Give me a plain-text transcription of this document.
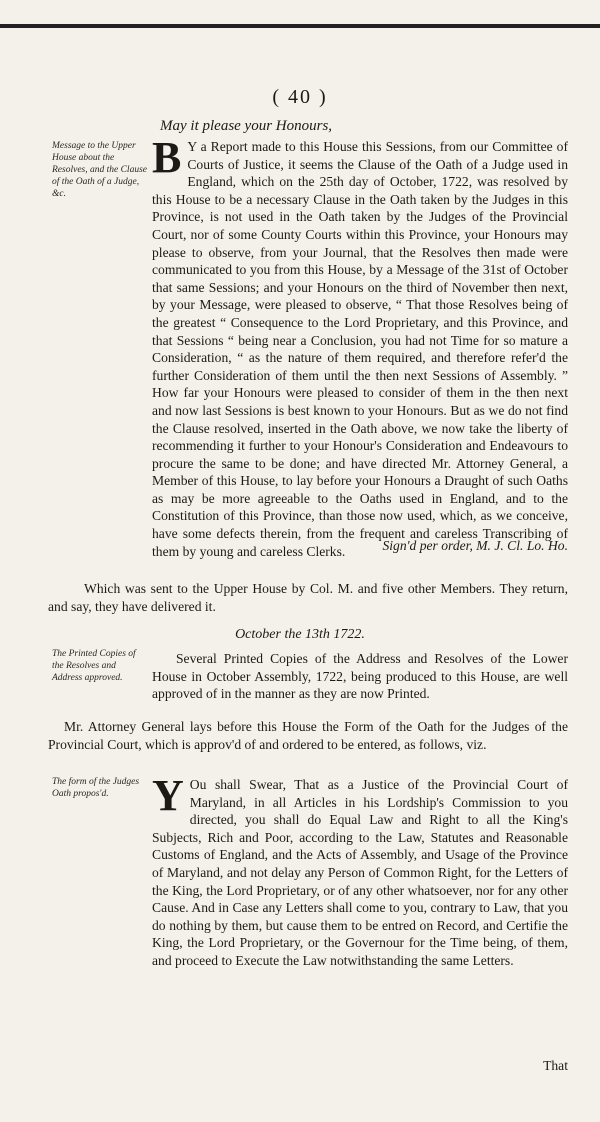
( 40 )
Message to the Upper House about the Resolves, and the Clause of the Oath of a Judge, &c.
May it please your Honours,
B Y a Report made to this House this Sessions, from our Committee of Courts of Justice, it seems the Clause of the Oath of a Judge used in England, which on the 25th day of October, 1722, was resolved by this House to be a necessary Clause in the Oath taken by the Judges in this Province, is not used in the Oath taken by the Judges of the Provincial Court, nor of some County Courts within this Province, your Honours may please to observe, from your Journal, that the Resolves then made were communicated to you from this House, by a Message of the 31st of October that same Sessions; and your Honours on the third of November then next, by your Message, were pleased to observe, “ That those Resolves being of the greatest “ Consequence to the Lord Proprietary, and this Province, and that Sessions “ being near a Conclusion, you had not Time for so mature a Consideration, “ as the nature of them required, and therefore refer'd the further Consideration of them until the then next Sessions of Assembly. ” How far your Honours were pleased to consider of them in the then next and now last Sessions is best known to your Honours. But as we do not find the Clause resolved, inserted in the Oath above, we now take the liberty of recommending it further to your Honour's Consideration and Endeavours to procure the same to be done; and have directed Mr. Attorney General, a Member of this House, to lay before your Honours a Draught of such Oaths as may be more agreeable to the Oaths used in England, and to the Constitution of this Province, than those now used, which, as we conceive, have some defects therein, from the frequent and careless Transcribing of them by young and careless Clerks.	Sign'd per order, M. J. Cl. Lo. Ho.
Which was sent to the Upper House by Col. M. and five other Members. They return, and say, they have delivered it.
October the 13th 1722.
The Printed Copies of the Resolves and Address approved.
Several Printed Copies of the Address and Resolves of the Lower House in October Assembly, 1722, being produced to this House, are well approved of in the manner as they are now Printed.
Mr. Attorney General lays before this House the Form of the Oath for the Judges of the Provincial Court, which is approv'd of and ordered to be entered, as follows, viz.
The form of the Judges Oath propos'd. Y Ou shall Swear, That as a Justice of the Provincial Court of Maryland, in all Articles in his Lordship's Commission to you directed, you shall do Equal Law and Right to all the King's Subjects, Rich and Poor, according to the Law, Statutes and Reasonable Customs of England, and the Acts of Assembly, and Usage of the Province of Maryland, and not delay any Person of Common Right, for the Letters of the King, the Lord Proprietary, or of any other whatsoever, nor for any other Cause. And in Case any Letters shall come to you, contrary to Law, that you do nothing by them, but cause them to be entred on Record, and Certifie the King, the Lord Proprietary, or the Governour for the Time being, of them, and proceed to Execute the Law notwithstanding the same Letters.
That
